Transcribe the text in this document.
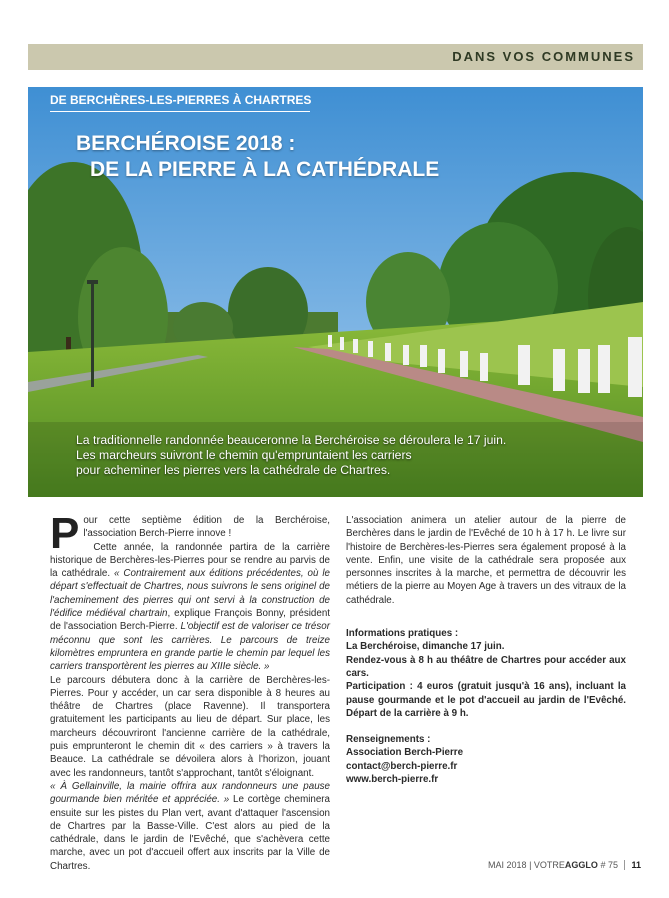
DANS VOS COMMUNES
DE BERCHÈRES-LES-PIERRES À CHARTRES
BERCHÉROISE 2018 :
DE LA PIERRE À LA CATHÉDRALE
La traditionnelle randonnée beauceronne la Berchéroise se déroulera le 17 juin.
Les marcheurs suivront le chemin qu'empruntaient les carriers
pour acheminer les pierres vers la cathédrale de Chartres.

Pour cette septième édition de la Berchéroise, l'association Berch-Pierre innove !

Cette année, la randonnée partira de la carrière historique de Berchères-les-Pierres pour se rendre au parvis de la cathédrale. « Contrairement aux éditions précédentes, où le départ s'effectuait de Chartres, nous suivrons le sens originel de l'acheminement des pierres qui ont servi à la construction de l'édifice médiéval chartrain, explique François Bonny, président de l'association Berch-Pierre. L'objectif est de valoriser ce trésor méconnu que sont les carrières. Le parcours de treize kilomètres empruntera en grande partie le chemin par lequel les carriers transportèrent les pierres au XIIIe siècle. »

Le parcours débutera donc à la carrière de Berchères-les-Pierres. Pour y accéder, un car sera disponible à 8 heures au théâtre de Chartres (place Ravenne). Il transportera gratuitement les participants au lieu de départ. Sur place, les marcheurs découvriront l'ancienne carrière de la cathédrale, puis emprunteront le chemin dit « des carriers » à travers la Beauce. La cathédrale se dévoilera alors à l'horizon, jouant avec les randonneurs, tantôt s'approchant, tantôt s'éloignant.

« À Gellainville, la mairie offrira aux randonneurs une pause gourmande bien méritée et appréciée. » Le cortège cheminera ensuite sur les pistes du Plan vert, avant d'attaquer l'ascension de Chartres par la Basse-Ville. C'est alors au pied de la cathédrale, dans le jardin de l'Evêché, que s'achèvera cette marche, avec un pot d'accueil offert aux inscrits par la Ville de Chartres.

L'association animera un atelier autour de la pierre de Berchères dans le jardin de l'Evêché de 10 h à 17 h. Le livre sur l'histoire de Berchères-les-Pierres sera également proposé à la vente. Enfin, une visite de la cathédrale sera proposée aux personnes inscrites à la marche, et permettra de découvrir les métiers de la pierre au Moyen Age à travers un des vitraux de la cathédrale.

Informations pratiques :
La Berchéroise, dimanche 17 juin.
Rendez-vous à 8 h au théâtre de Chartres pour accéder aux cars.
Participation : 4 euros (gratuit jusqu'à 16 ans), incluant la pause gourmande et le pot d'accueil au jardin de l'Evêché. Départ de la carrière à 9 h.
Renseignements :
Association Berch-Pierre
contact@berch-pierre.fr
www.berch-pierre.fr
MAI 2018 | VOTREAGGLO # 75 11
